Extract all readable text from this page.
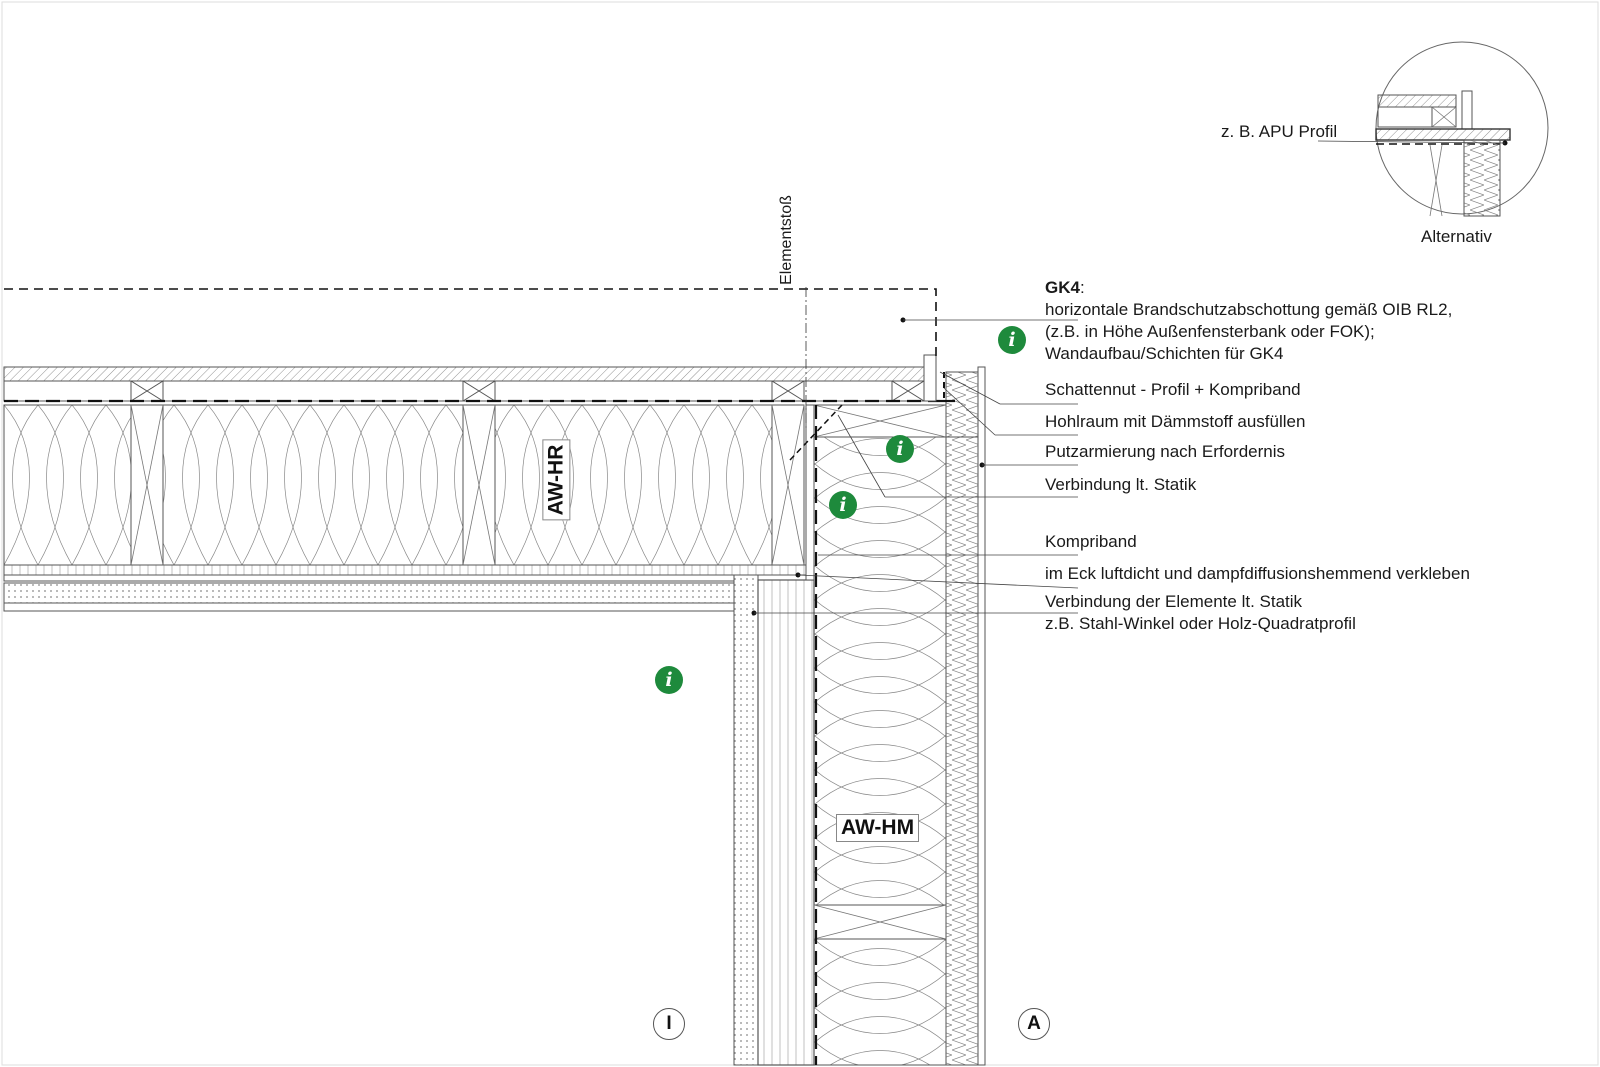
Elementstoß
z. B. APU Profil
Alternativ
AW-HR
AW-HM
I	A
i
i
i
i
GK4:
horizontale Brandschutzabschottung gemäß OIB RL2,
(z.B. in Höhe Außenfensterbank oder FOK);
Wandaufbau/Schichten für GK4
Schattennut - Profil + Kompriband
Hohlraum mit Dämmstoff ausfüllen
Putzarmierung nach Erfordernis
Verbindung lt. Statik
Kompriband
im Eck luftdicht und dampfdiffusionshemmend verkleben
Verbindung der Elemente lt. Statik
z.B. Stahl-Winkel oder Holz-Quadratprofil
